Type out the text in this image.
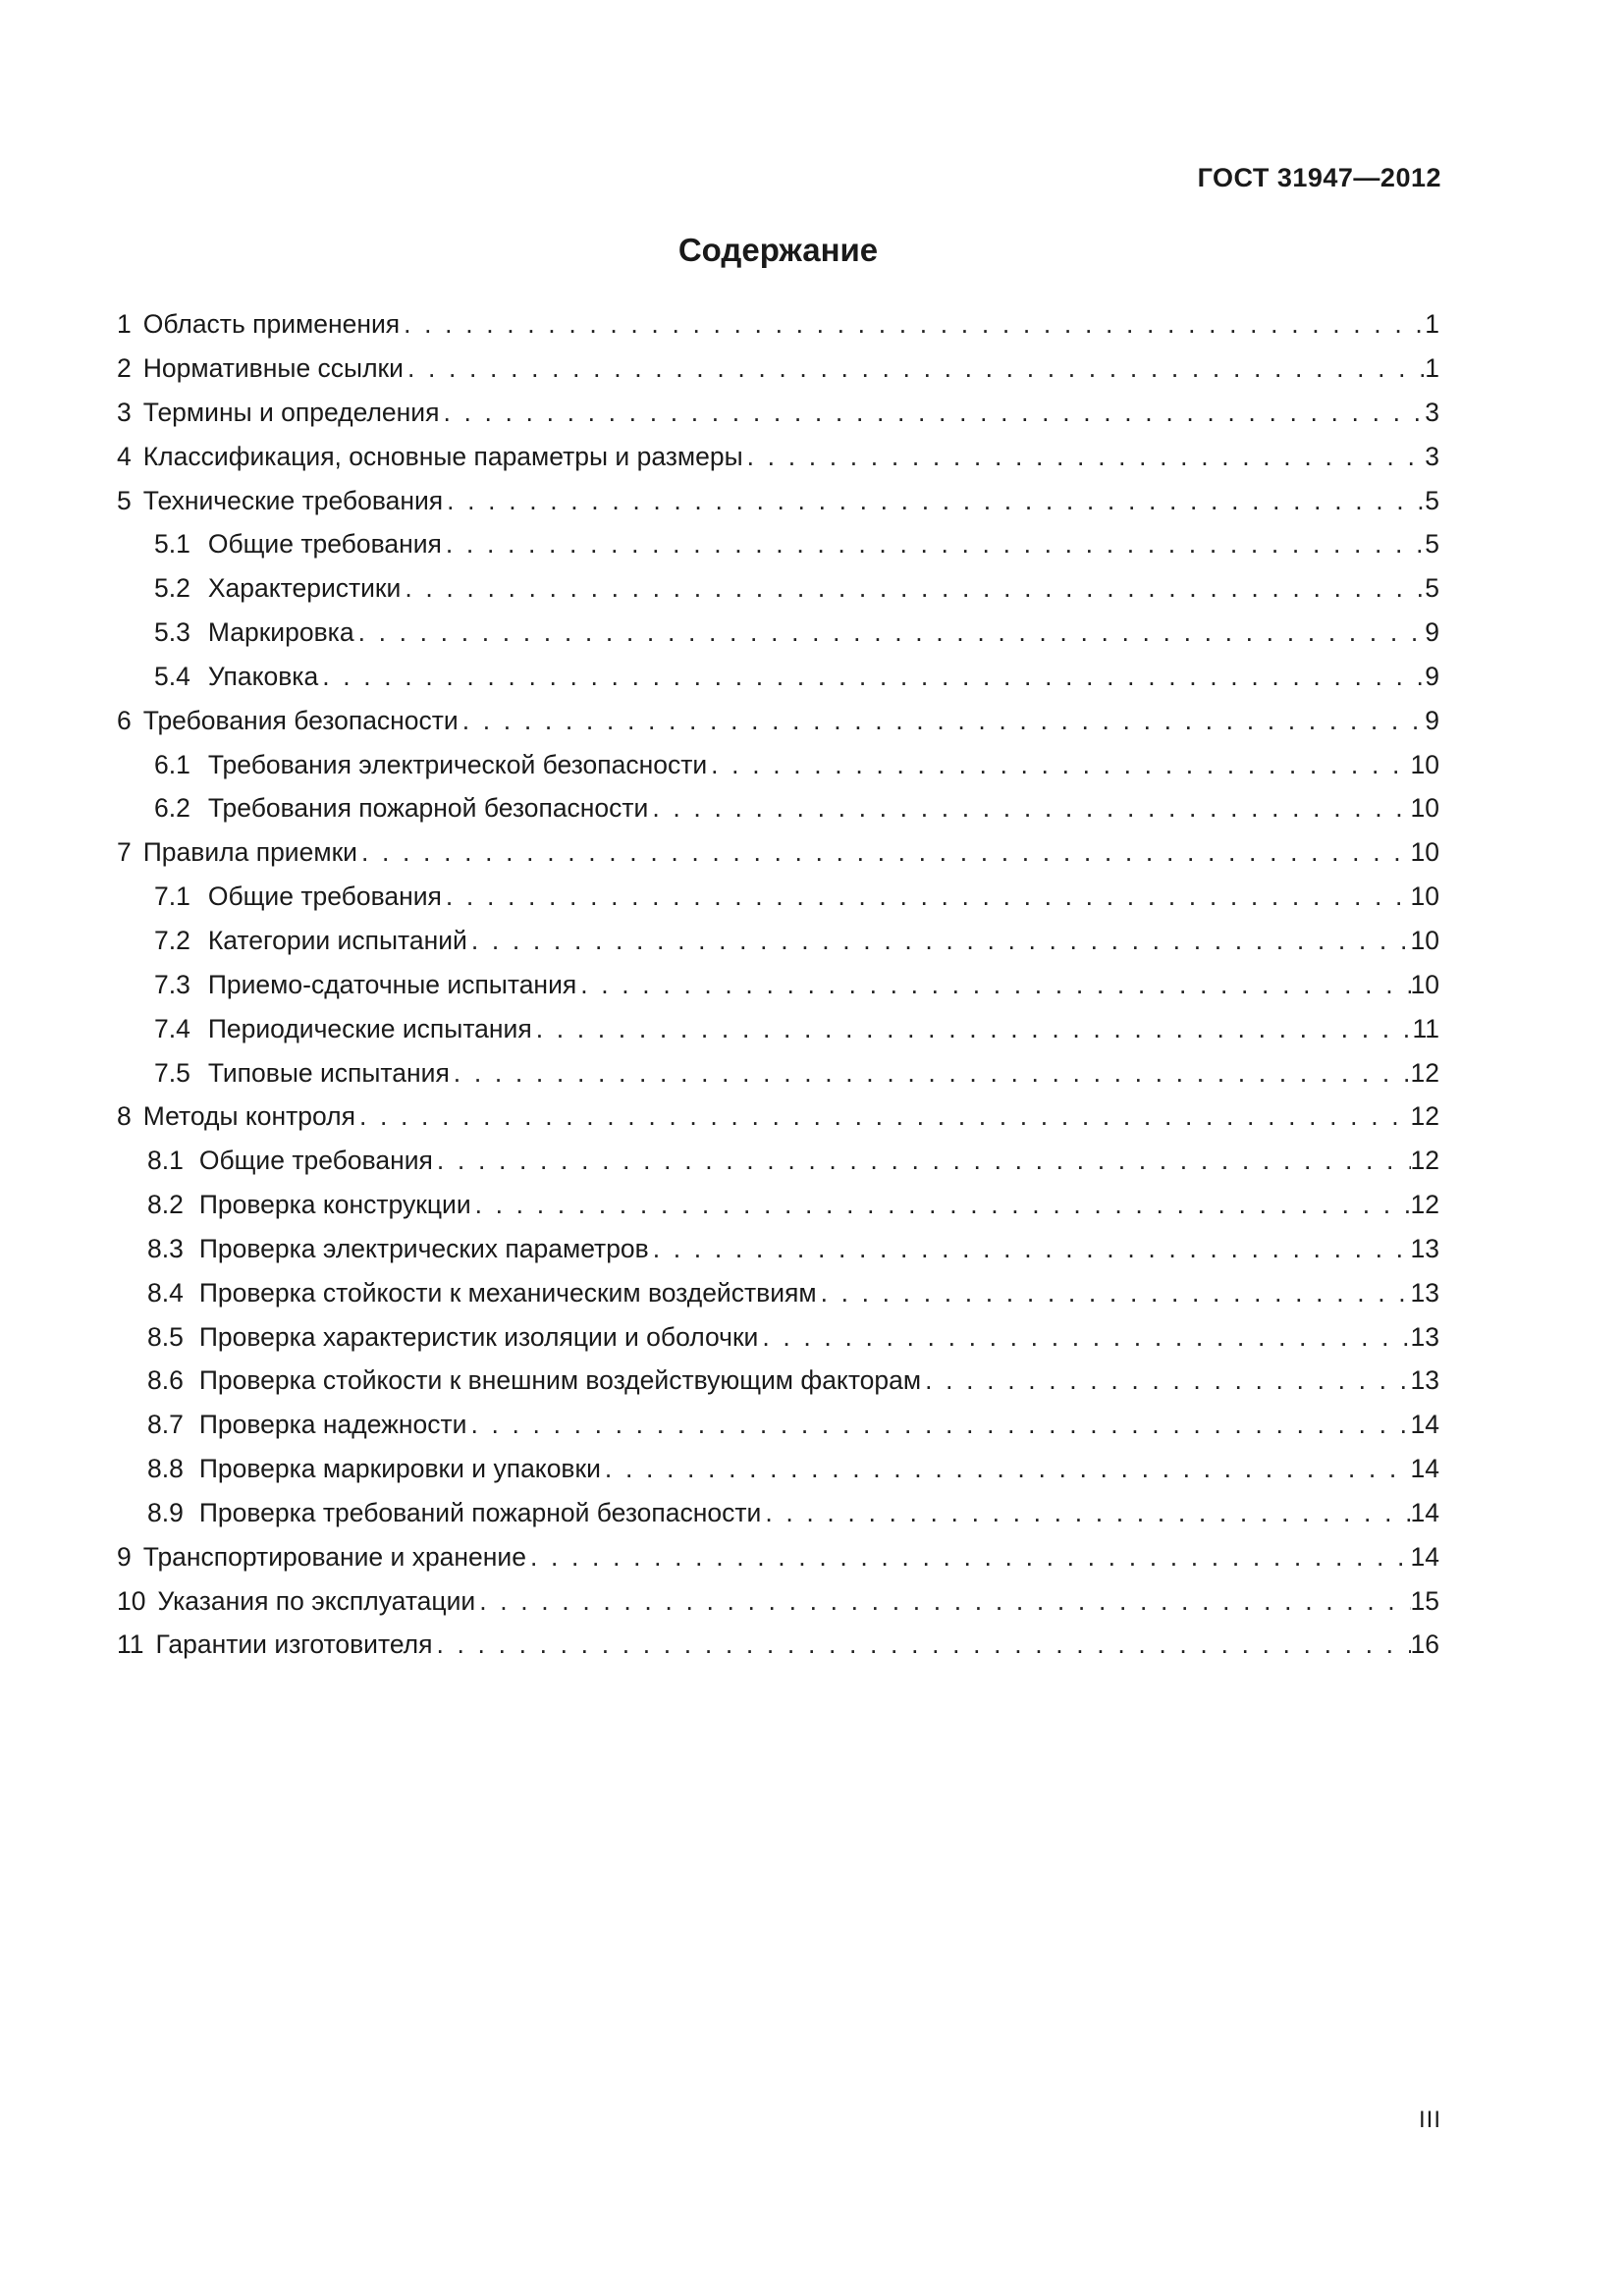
ГОСТ 31947—2012
Содержание
1 Область применения . . .	1
2 Нормативные ссылки . . .	1
3 Термины и определения . . .	3
4 Классификация, основные параметры и размеры . . .	3
5 Технические требования . . .	5
5.1 Общие требования . . .	5
5.2 Характеристики . . .	5
5.3 Маркировка . . .	9
5.4 Упаковка . . .	9
6 Требования безопасности . . .	9
6.1 Требования электрической безопасности . . .	10
6.2 Требования пожарной безопасности . . .	10
7 Правила приемки . . .	10
7.1 Общие требования . . .	10
7.2 Категории испытаний . . .	10
7.3 Приемо-сдаточные испытания . . .	10
7.4 Периодические испытания . . .	11
7.5 Типовые испытания . . .	12
8 Методы контроля . . .	12
8.1 Общие требования . . .	12
8.2 Проверка конструкции . . .	12
8.3 Проверка электрических параметров . . .	13
8.4 Проверка стойкости к механическим воздействиям . . .	13
8.5 Проверка характеристик изоляции и оболочки . . .	13
8.6 Проверка стойкости к внешним воздействующим факторам . . .	13
8.7 Проверка надежности . . .	14
8.8 Проверка маркировки и упаковки . . .	14
8.9 Проверка требований пожарной безопасности . . .	14
9 Транспортирование и хранение . . .	14
10 Указания по эксплуатации . . .	15
11 Гарантии изготовителя . . .	16
III
